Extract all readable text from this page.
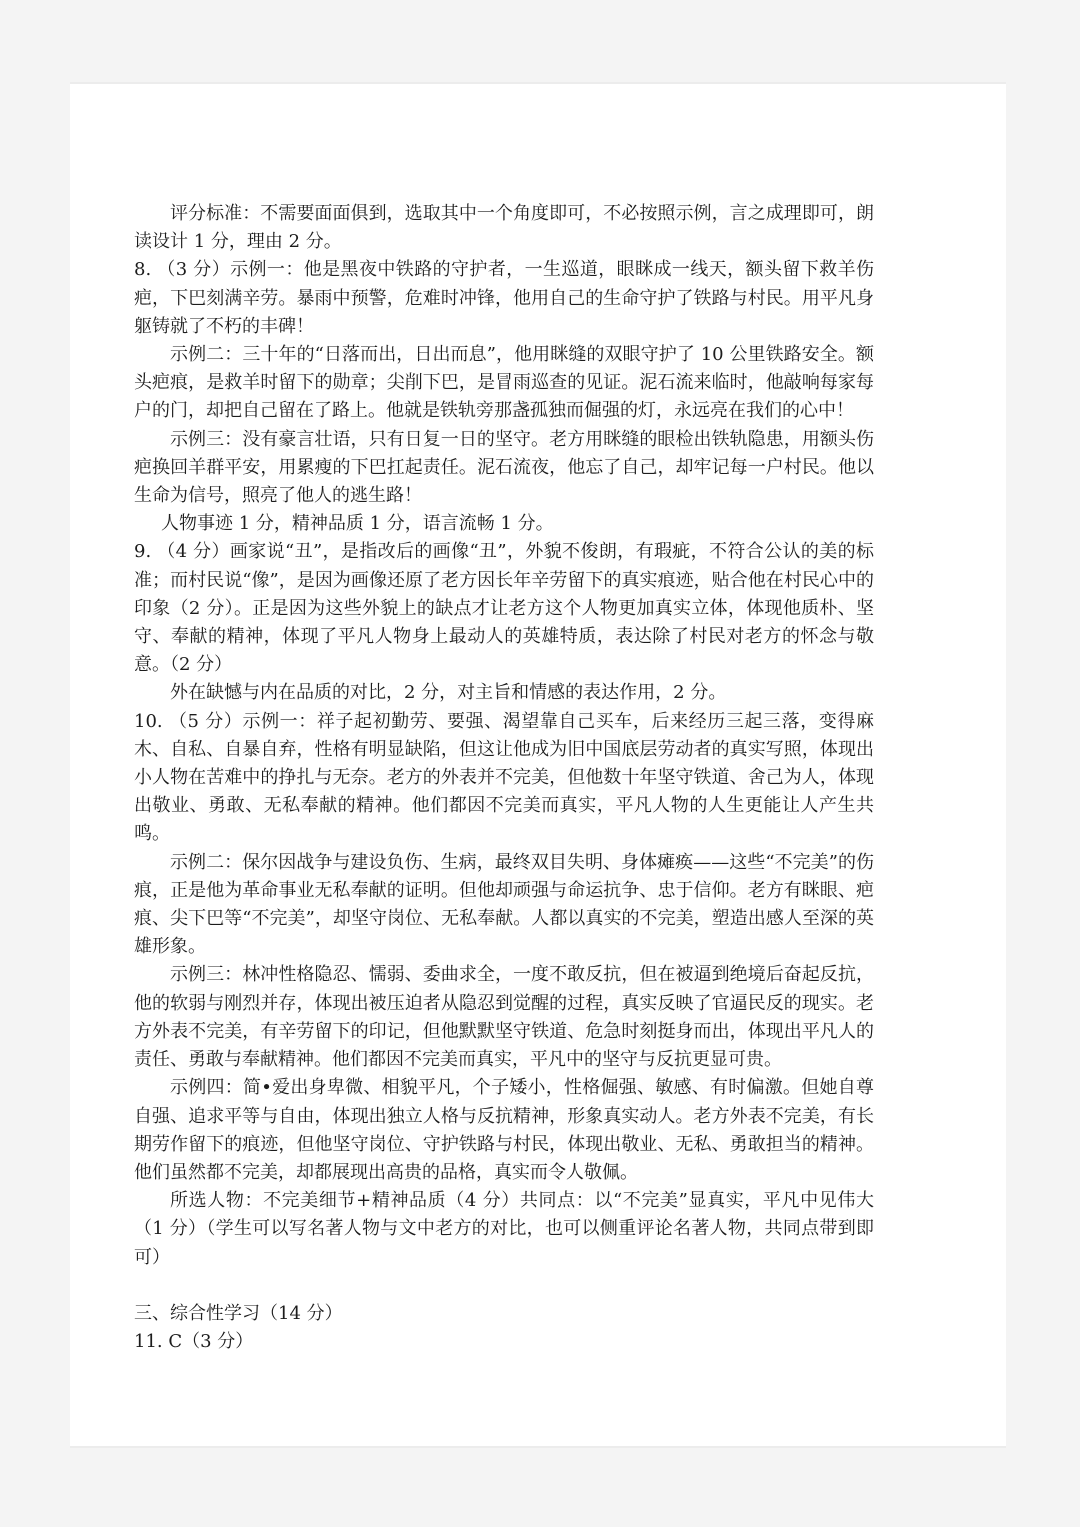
评分标准：不需要面面俱到，选取其中一个角度即可，不必按照示例，言之成理即可，朗读设计 1 分，理由 2 分。

8. （3 分）示例一：他是黑夜中铁路的守护者，一生巡道，眼眯成一线天，额头留下救羊伤疤，下巴刻满辛劳。暴雨中预警，危难时冲锋，他用自己的生命守护了铁路与村民。用平凡身躯铸就了不朽的丰碑！

示例二：三十年的“日落而出，日出而息”，他用眯缝的双眼守护了 10 公里铁路安全。额头疤痕，是救羊时留下的勋章；尖削下巴，是冒雨巡查的见证。泥石流来临时，他敲响每家每户的门，却把自己留在了路上。他就是铁轨旁那盏孤独而倔强的灯，永远亮在我们的心中！

示例三：没有豪言壮语，只有日复一日的坚守。老方用眯缝的眼检出铁轨隐患，用额头伤疤换回羊群平安，用累瘦的下巴扛起责任。泥石流夜，他忘了自己，却牢记每一户村民。他以生命为信号，照亮了他人的逃生路！

人物事迹 1 分，精神品质 1 分，语言流畅 1 分。

9. （4 分）画家说“丑”，是指改后的画像“丑”，外貌不俊朗，有瑕疵，不符合公认的美的标准；而村民说“像”，是因为画像还原了老方因长年辛劳留下的真实痕迹，贴合他在村民心中的印象（2 分）。正是因为这些外貌上的缺点才让老方这个人物更加真实立体，体现他质朴、坚守、奉献的精神，体现了平凡人物身上最动人的英雄特质，表达除了村民对老方的怀念与敬意。（2 分）

外在缺憾与内在品质的对比，2 分，对主旨和情感的表达作用，2 分。

10. （5 分）示例一：祥子起初勤劳、要强、渴望靠自己买车，后来经历三起三落，变得麻木、自私、自暴自弃，性格有明显缺陷，但这让他成为旧中国底层劳动者的真实写照，体现出小人物在苦难中的挣扎与无奈。老方的外表并不完美，但他数十年坚守铁道、舍己为人，体现出敬业、勇敢、无私奉献的精神。他们都因不完美而真实，平凡人物的人生更能让人产生共鸣。

示例二：保尔因战争与建设负伤、生病，最终双目失明、身体瘫痪——这些“不完美”的伤痕，正是他为革命事业无私奉献的证明。但他却顽强与命运抗争、忠于信仰。老方有眯眼、疤痕、尖下巴等“不完美”，却坚守岗位、无私奉献。人都以真实的不完美，塑造出感人至深的英雄形象。

示例三：林冲性格隐忍、懦弱、委曲求全，一度不敢反抗，但在被逼到绝境后奋起反抗，他的软弱与刚烈并存，体现出被压迫者从隐忍到觉醒的过程，真实反映了官逼民反的现实。老方外表不完美，有辛劳留下的印记，但他默默坚守铁道、危急时刻挺身而出，体现出平凡人的责任、勇敢与奉献精神。他们都因不完美而真实，平凡中的坚守与反抗更显可贵。

示例四：简•爱出身卑微、相貌平凡，个子矮小，性格倔强、敏感、有时偏激。但她自尊自强、追求平等与自由，体现出独立人格与反抗精神，形象真实动人。老方外表不完美，有长期劳作留下的痕迹，但他坚守岗位、守护铁路与村民，体现出敬业、无私、勇敢担当的精神。他们虽然都不完美，却都展现出高贵的品格，真实而令人敬佩。

所选人物：不完美细节+精神品质（4 分）共同点：以“不完美”显真实，平凡中见伟大（1 分）（学生可以写名著人物与文中老方的对比，也可以侧重评论名著人物，共同点带到即可）

三、综合性学习（14 分）

11. C（3 分）
